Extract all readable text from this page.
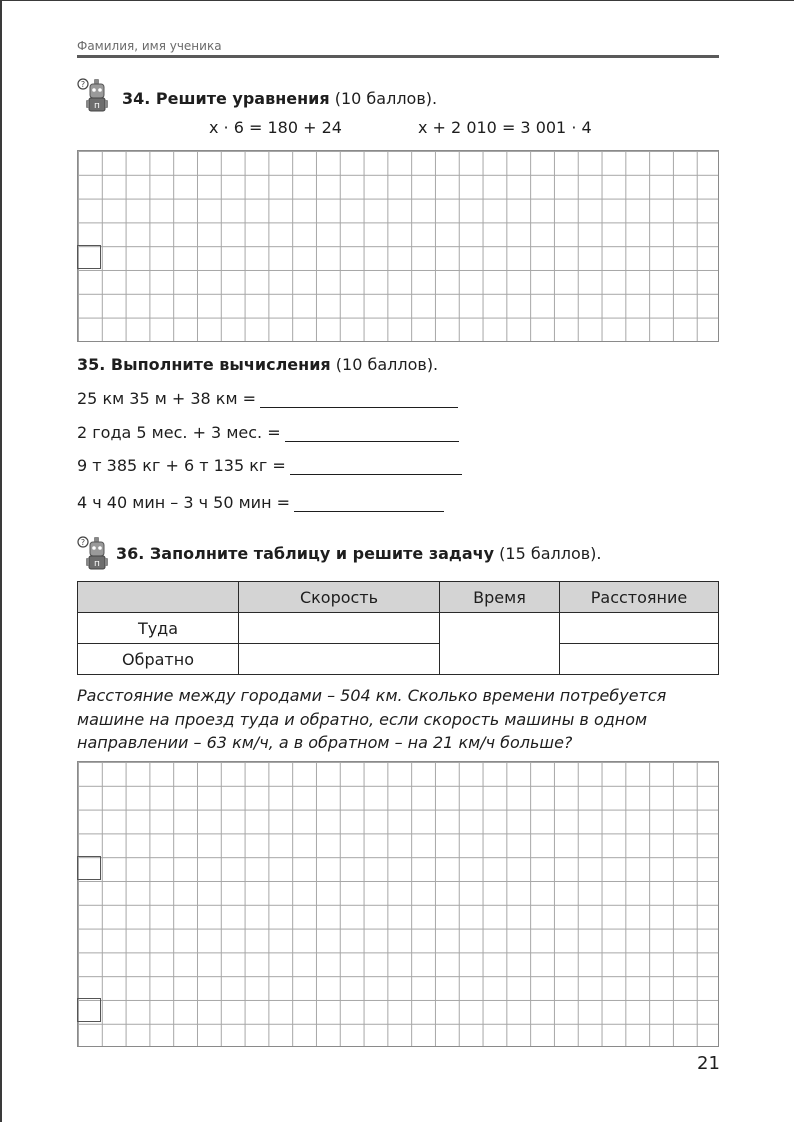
Фамилия, имя ученика
?
п 34. Решите уравнения (10 баллов).
x · 6 = 180 + 24	x + 2 010 = 3 001 · 4
35. Выполните вычисления (10 баллов).
25 км 35 м + 38 км =
2 года 5 мес. + 3 мес. =
9 т 385 кг + 6 т 135 кг =
4 ч 40 мин – 3 ч 50 мин =
?
п
36. Заполните таблицу и решите задачу (15 баллов).
	Скорость	Время	Расстояние
Туда			
Обратно			
Расстояние между городами – 504 км. Сколько времени потребуется машине на проезд туда и обратно, если скорость машины в одном направлении – 63 км/ч, а в обратном – на 21 км/ч больше?
21
